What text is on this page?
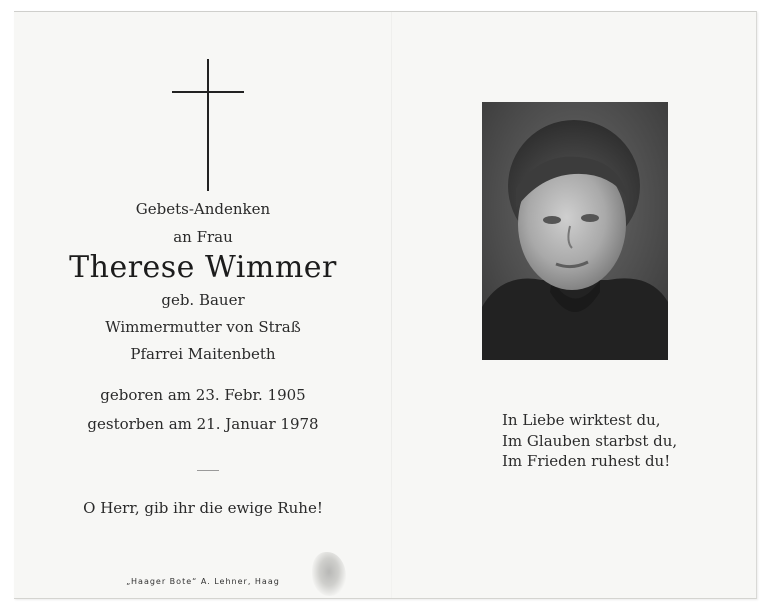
Gebets-Andenken

an Frau

Therese Wimmer

geb. Bauer

Wimmermutter von Straß

Pfarrei Maitenbeth

geboren am 23. Febr. 1905

gestorben am 21. Januar 1978

O Herr, gib ihr die ewige Ruhe!

„Haager Bote“ A. Lehner, Haag
In Liebe wirktest du,
Im Glauben starbst du,
Im Frieden ruhest du!
